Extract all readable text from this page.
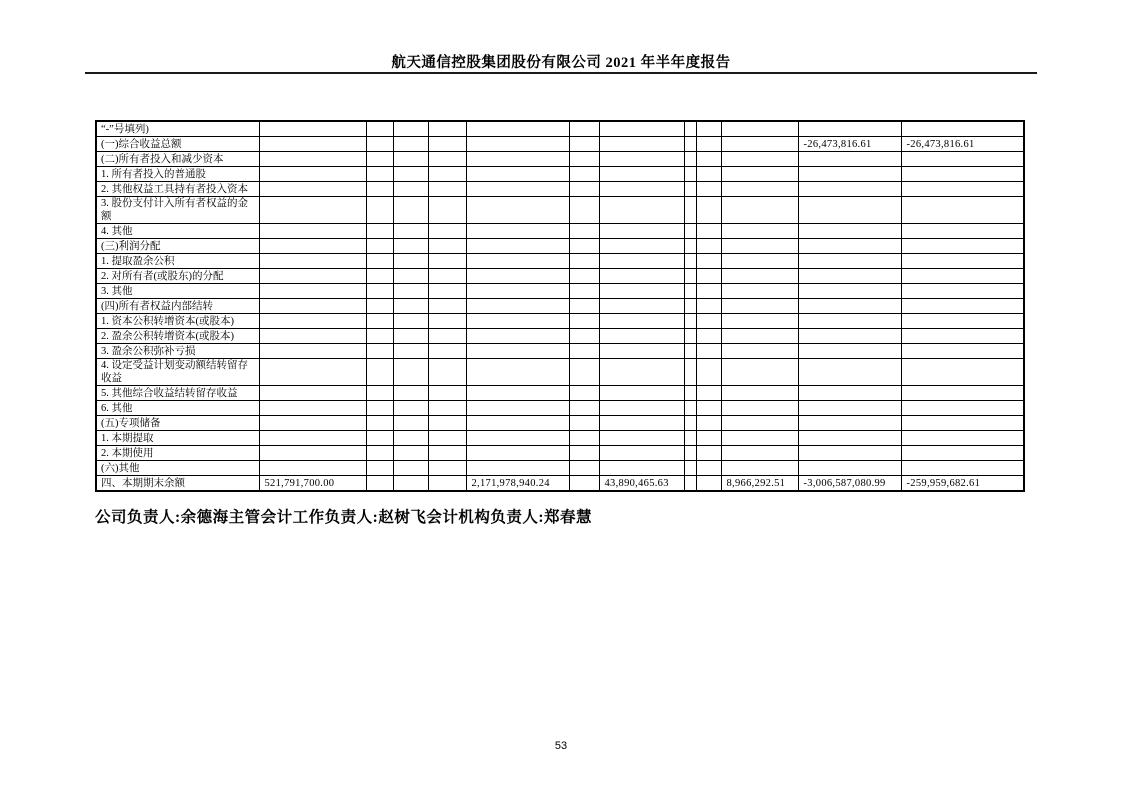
航天通信控股集团股份有限公司 2021 年半年度报告
“-”号填列)												
(一)综合收益总额											-26,473,816.61	-26,473,816.61
(二)所有者投入和减少资本												
1. 所有者投入的普通股												
2. 其他权益工具持有者投入资本												
3. 股份支付计入所有者权益的金额												
4. 其他												
(三)利润分配												
1. 提取盈余公积												
2. 对所有者(或股东)的分配												
3. 其他												
(四)所有者权益内部结转												
1. 资本公积转增资本(或股本)												
2. 盈余公积转增资本(或股本)												
3. 盈余公积弥补亏损												
4. 设定受益计划变动额结转留存收益												
5. 其他综合收益结转留存收益												
6. 其他												
(五)专项储备												
1. 本期提取												
2. 本期使用												
(六)其他												
四、本期期末余额	521,791,700.00				2,171,978,940.24		43,890,465.63			8,966,292.51	-3,006,587,080.99	-259,959,682.61

公司负责人:余德海主管会计工作负责人:赵树飞会计机构负责人:郑春慧

53
